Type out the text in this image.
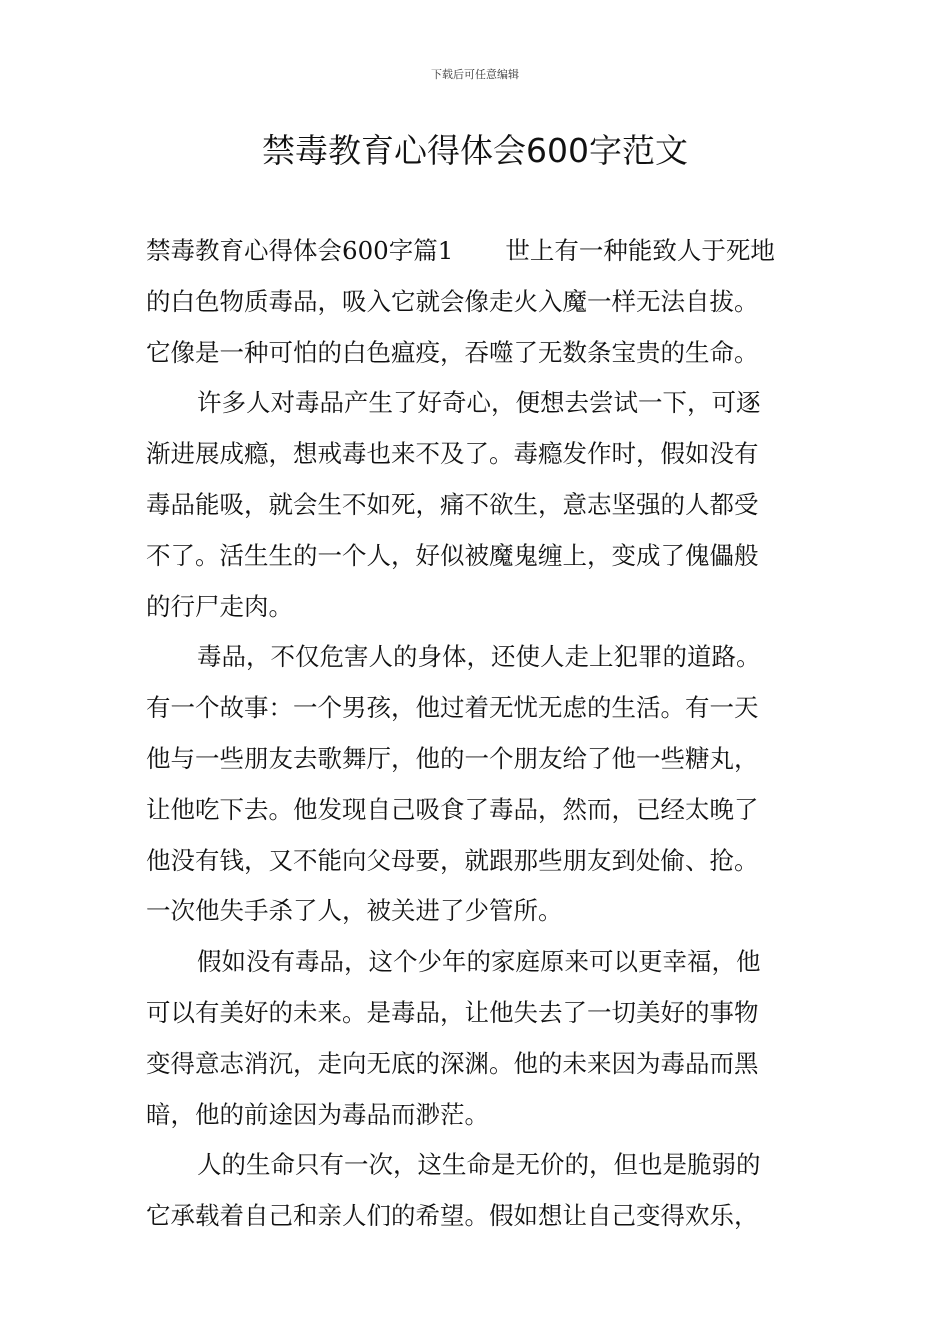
下载后可任意编辑
禁毒教育心得体会600字范文
禁毒教育心得体会600字篇1 世上有一种能致人于死地
的白色物质毒品，吸入它就会像走火入魔一样无法自拔。
它像是一种可怕的白色瘟疫，吞噬了无数条宝贵的生命。
许多人对毒品产生了好奇心，便想去尝试一下，可逐
渐进展成瘾，想戒毒也来不及了。毒瘾发作时，假如没有
毒品能吸，就会生不如死，痛不欲生，意志坚强的人都受
不了。活生生的一个人，好似被魔鬼缠上，变成了傀儡般
的行尸走肉。
毒品，不仅危害人的身体，还使人走上犯罪的道路。
有一个故事：一个男孩，他过着无忧无虑的生活。有一天
他与一些朋友去歌舞厅，他的一个朋友给了他一些糖丸，
让他吃下去。他发现自己吸食了毒品，然而，已经太晚了
他没有钱，又不能向父母要，就跟那些朋友到处偷、抢。
一次他失手杀了人，被关进了少管所。
假如没有毒品，这个少年的家庭原来可以更幸福，他
可以有美好的未来。是毒品，让他失去了一切美好的事物
变得意志消沉，走向无底的深渊。他的未来因为毒品而黑
暗，他的前途因为毒品而渺茫。
人的生命只有一次，这生命是无价的，但也是脆弱的
它承载着自己和亲人们的希望。假如想让自己变得欢乐，
